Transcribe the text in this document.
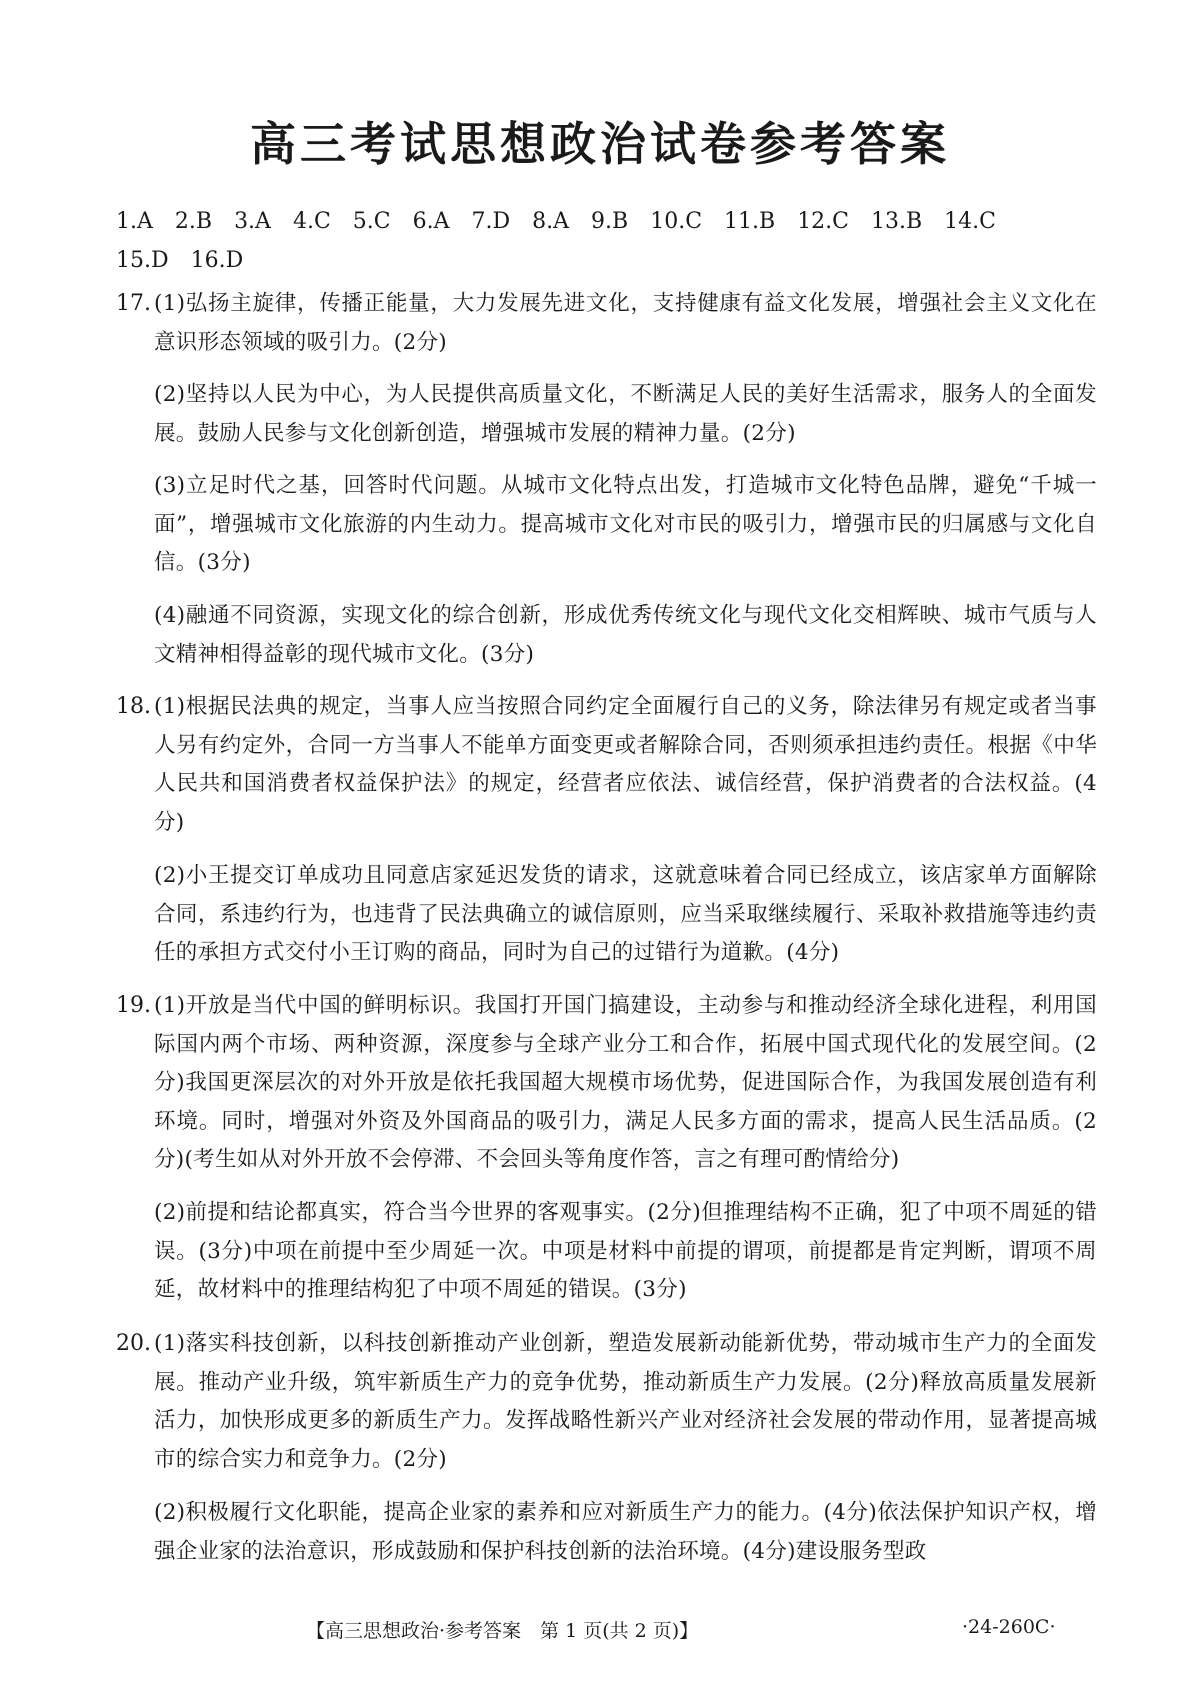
高三考试思想政治试卷参考答案
1.A 2.B 3.A 4.C 5.C 6.A 7.D 8.A 9.B 10.C 11.B 12.C 13.B 14.C
15.D 16.D
17. (1)弘扬主旋律，传播正能量，大力发展先进文化，支持健康有益文化发展，增强社会主义文化在意识形态领域的吸引力。(2分)
(2)坚持以人民为中心，为人民提供高质量文化，不断满足人民的美好生活需求，服务人的全面发展。鼓励人民参与文化创新创造，增强城市发展的精神力量。(2分)
(3)立足时代之基，回答时代问题。从城市文化特点出发，打造城市文化特色品牌，避免“千城一面”，增强城市文化旅游的内生动力。提高城市文化对市民的吸引力，增强市民的归属感与文化自信。(3分)
(4)融通不同资源，实现文化的综合创新，形成优秀传统文化与现代文化交相辉映、城市气质与人文精神相得益彰的现代城市文化。(3分)
18. (1)根据民法典的规定，当事人应当按照合同约定全面履行自己的义务，除法律另有规定或者当事人另有约定外，合同一方当事人不能单方面变更或者解除合同，否则须承担违约责任。根据《中华人民共和国消费者权益保护法》的规定，经营者应依法、诚信经营，保护消费者的合法权益。(4分)
(2)小王提交订单成功且同意店家延迟发货的请求，这就意味着合同已经成立，该店家单方面解除合同，系违约行为，也违背了民法典确立的诚信原则，应当采取继续履行、采取补救措施等违约责任的承担方式交付小王订购的商品，同时为自己的过错行为道歉。(4分)
19. (1)开放是当代中国的鲜明标识。我国打开国门搞建设，主动参与和推动经济全球化进程，利用国际国内两个市场、两种资源，深度参与全球产业分工和合作，拓展中国式现代化的发展空间。(2分)我国更深层次的对外开放是依托我国超大规模市场优势，促进国际合作，为我国发展创造有利环境。同时，增强对外资及外国商品的吸引力，满足人民多方面的需求，提高人民生活品质。(2分)(考生如从对外开放不会停滞、不会回头等角度作答，言之有理可酌情给分)
(2)前提和结论都真实，符合当今世界的客观事实。(2分)但推理结构不正确，犯了中项不周延的错误。(3分)中项在前提中至少周延一次。中项是材料中前提的谓项，前提都是肯定判断，谓项不周延，故材料中的推理结构犯了中项不周延的错误。(3分)
20. (1)落实科技创新，以科技创新推动产业创新，塑造发展新动能新优势，带动城市生产力的全面发展。推动产业升级，筑牢新质生产力的竞争优势，推动新质生产力发展。(2分)释放高质量发展新活力，加快形成更多的新质生产力。发挥战略性新兴产业对经济社会发展的带动作用，显著提高城市的综合实力和竞争力。(2分)
(2)积极履行文化职能，提高企业家的素养和应对新质生产力的能力。(4分)依法保护知识产权，增强企业家的法治意识，形成鼓励和保护科技创新的法治环境。(4分)建设服务型政
【高三思想政治·参考答案　第 1 页(共 2 页)】	·24-260C·
